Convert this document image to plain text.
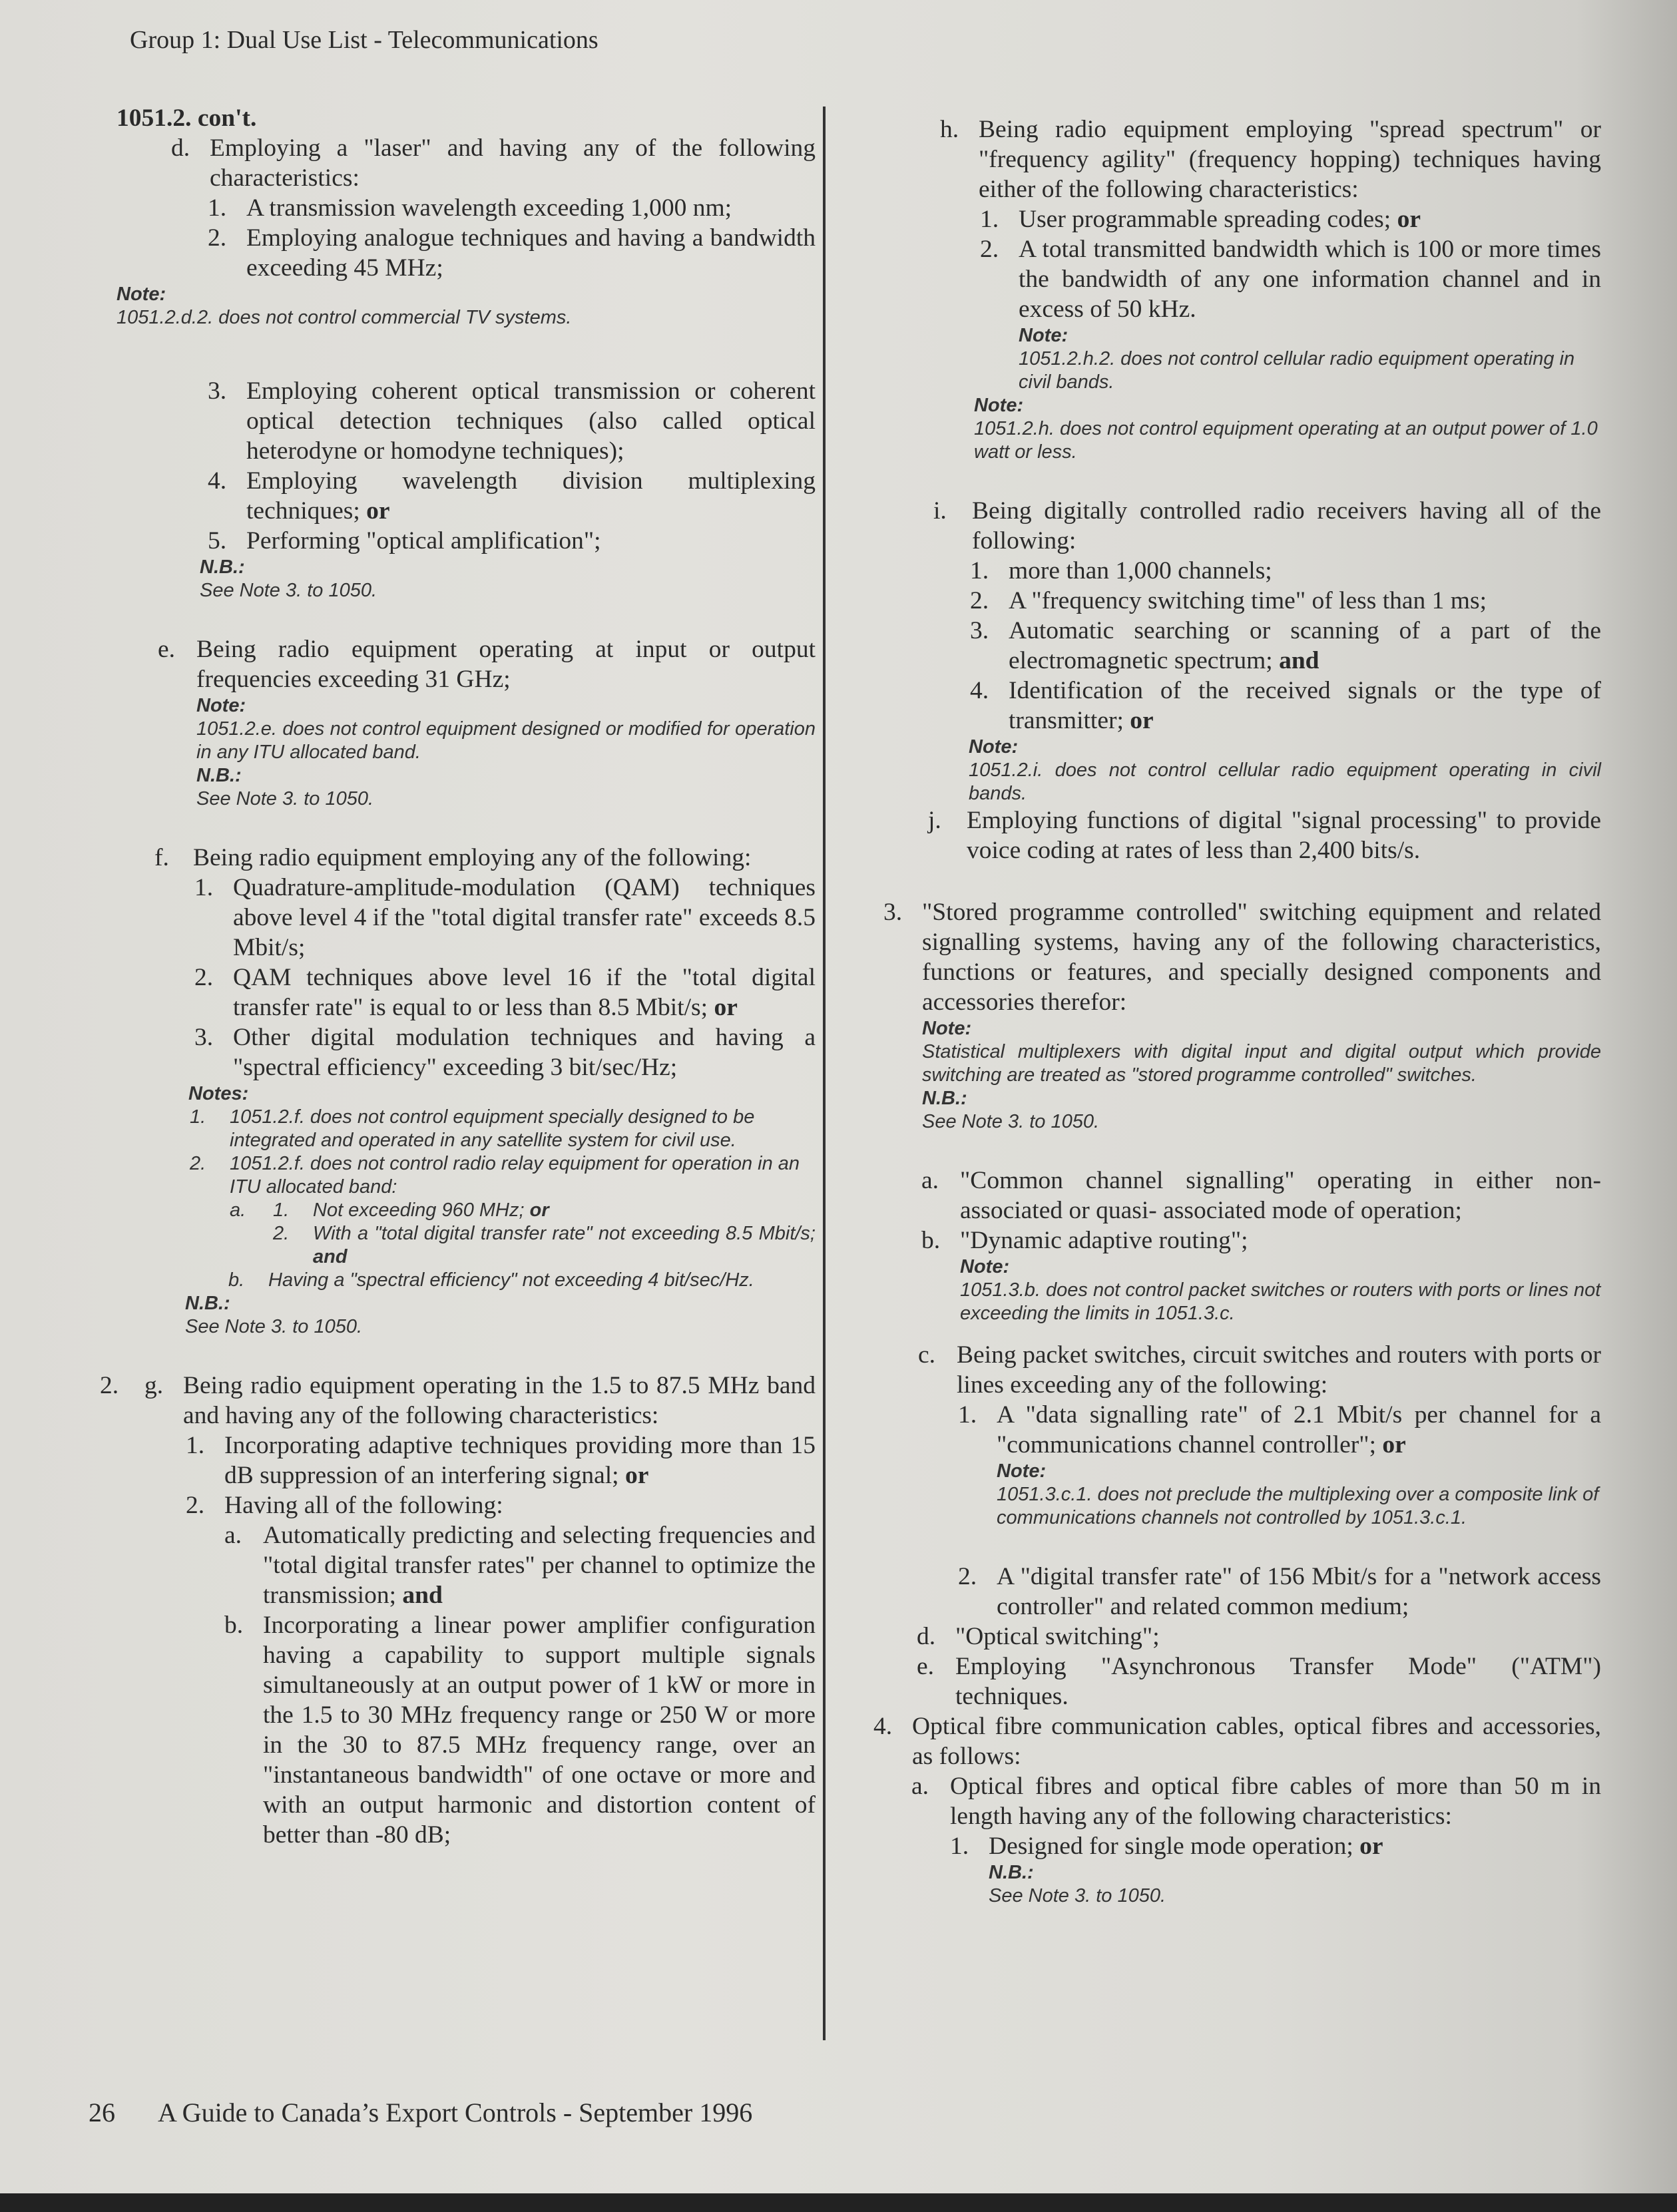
Group 1: Dual Use List - Telecommunications

1051.2. con't.

d. Employing a "laser" and having any of the following characteristics:

1. A transmission wavelength exceeding 1,000 nm;

2. Employing analogue techniques and having a bandwidth exceeding 45 MHz;

Note:

1051.2.d.2. does not control commercial TV systems.

3. Employing coherent optical transmission or coherent optical detection techniques (also called optical heterodyne or homodyne techniques);

4. Employing wavelength division multiplexing techniques; or

5. Performing "optical amplification";

N.B.:

See Note 3. to 1050.

e. Being radio equipment operating at input or output frequencies exceeding 31 GHz;

Note:

1051.2.e. does not control equipment designed or modified for operation in any ITU allocated band.

N.B.:

See Note 3. to 1050.

f. Being radio equipment employing any of the following:

1. Quadrature-amplitude-modulation (QAM) techniques above level 4 if the "total digital transfer rate" exceeds 8.5 Mbit/s;

2. QAM techniques above level 16 if the "total digital transfer rate" is equal to or less than 8.5 Mbit/s; or

3. Other digital modulation techniques and having a "spectral efficiency" exceeding 3 bit/sec/Hz;

Notes:

1. 1051.2.f. does not control equipment specially designed to be integrated and operated in any satellite system for civil use.

2. 1051.2.f. does not control radio relay equipment for operation in an ITU allocated band:

a. 1. Not exceeding 960 MHz; or

2. With a "total digital transfer rate" not exceeding 8.5 Mbit/s; and

b. Having a "spectral efficiency" not exceeding 4 bit/sec/Hz.

N.B.:

See Note 3. to 1050.

2. g. Being radio equipment operating in the 1.5 to 87.5 MHz band and having any of the following characteristics:

1. Incorporating adaptive techniques providing more than 15 dB suppression of an interfering signal; or

2. Having all of the following:

a. Automatically predicting and selecting frequencies and "total digital transfer rates" per channel to optimize the transmission; and

b. Incorporating a linear power amplifier configuration having a capability to support multiple signals simultaneously at an output power of 1 kW or more in the 1.5 to 30 MHz frequency range or 250 W or more in the 30 to 87.5 MHz frequency range, over an "instantaneous bandwidth" of one octave or more and with an output harmonic and distortion content of better than -80 dB;

h. Being radio equipment employing "spread spectrum" or "frequency agility" (frequency hopping) techniques having either of the following characteristics:

1. User programmable spreading codes; or

2. A total transmitted bandwidth which is 100 or more times the bandwidth of any one information channel and in excess of 50 kHz.

Note:

1051.2.h.2. does not control cellular radio equipment operating in civil bands.

Note:

1051.2.h. does not control equipment operating at an output power of 1.0 watt or less.

i. Being digitally controlled radio receivers having all of the following:

1. more than 1,000 channels;

2. A "frequency switching time" of less than 1 ms;

3. Automatic searching or scanning of a part of the electromagnetic spectrum; and

4. Identification of the received signals or the type of transmitter; or

Note:

1051.2.i. does not control cellular radio equipment operating in civil bands.

j. Employing functions of digital "signal processing" to provide voice coding at rates of less than 2,400 bits/s.

3. "Stored programme controlled" switching equipment and related signalling systems, having any of the following characteristics, functions or features, and specially designed components and accessories therefor:

Note:

Statistical multiplexers with digital input and digital output which provide switching are treated as "stored programme controlled" switches.

N.B.:

See Note 3. to 1050.

a. "Common channel signalling" operating in either non-associated or quasi- associated mode of operation;

b. "Dynamic adaptive routing";

Note:

1051.3.b. does not control packet switches or routers with ports or lines not exceeding the limits in 1051.3.c.

c. Being packet switches, circuit switches and routers with ports or lines exceeding any of the following:

1. A "data signalling rate" of 2.1 Mbit/s per channel for a "communications channel controller"; or

Note:

1051.3.c.1. does not preclude the multiplexing over a composite link of communications channels not controlled by 1051.3.c.1.

2. A "digital transfer rate" of 156 Mbit/s for a "network access controller" and related common medium;

d. "Optical switching";

e. Employing "Asynchronous Transfer Mode" ("ATM") techniques.

4. Optical fibre communication cables, optical fibres and accessories, as follows:

a. Optical fibres and optical fibre cables of more than 50 m in length having any of the following characteristics:

1. Designed for single mode operation; or

N.B.:

See Note 3. to 1050.

26 A Guide to Canada’s Export Controls - September 1996
